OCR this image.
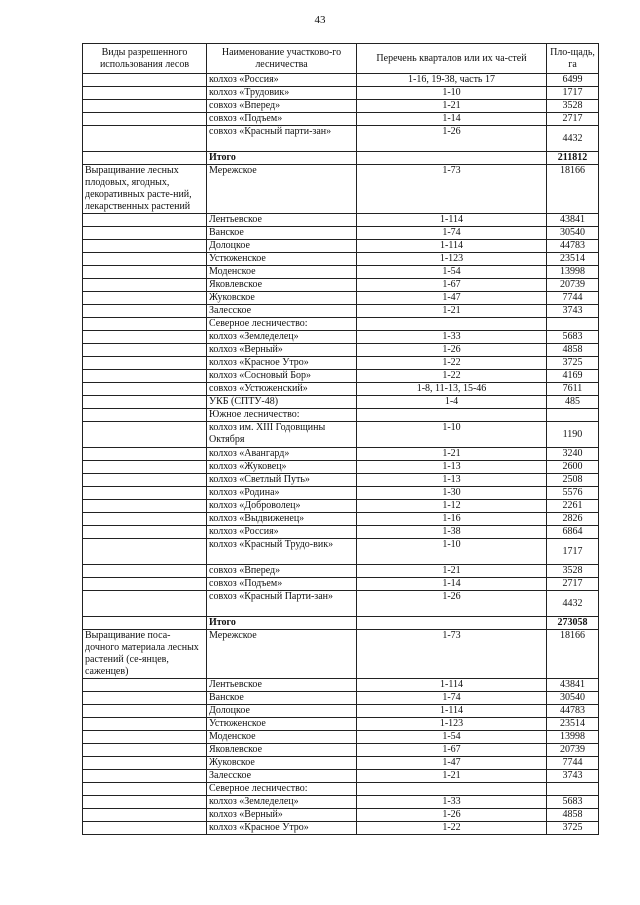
43
Виды разрешенного использования лесов	Наименование участково-го лесничества	Перечень кварталов или их ча-стей	Пло-щадь, га
	колхоз «Россия»	1-16, 19-38, часть 17	6499
	колхоз «Трудовик»	1-10	1717
	совхоз «Вперед»	1-21	3528
	совхоз «Подъем»	1-14	2717
	совхоз «Красный парти-зан»	1-26	4432
	Итого		211812
Выращивание лесных плодовых, ягодных, декоративных расте-ний, лекарственных растений	Мережское	1-73	18166
	Лентьевское	1-114	43841
	Ванское	1-74	30540
	Долоцкое	1-114	44783
	Устюженское	1-123	23514
	Моденское	1-54	13998
	Яковлевское	1-67	20739
	Жуковское	1-47	7744
	Залесское	1-21	3743
	Северное лесничество:		
	колхоз «Земледелец»	1-33	5683
	колхоз «Верный»	1-26	4858
	колхоз «Красное Утро»	1-22	3725
	колхоз «Сосновый Бор»	1-22	4169
	совхоз «Устюженский»	1-8, 11-13, 15-46	7611
	УКБ (СПТУ-48)	1-4	485
	Южное лесничество:		
	колхоз им. XIII Годовщины Октября	1-10	1190
	колхоз «Авангард»	1-21	3240
	колхоз «Жуковец»	1-13	2600
	колхоз «Светлый Путь»	1-13	2508
	колхоз «Родина»	1-30	5576
	колхоз «Доброволец»	1-12	2261
	колхоз «Выдвиженец»	1-16	2826
	колхоз «Россия»	1-38	6864
	колхоз «Красный Трудо-вик»	1-10	1717
	совхоз «Вперед»	1-21	3528
	совхоз «Подъем»	1-14	2717
	совхоз «Красный Парти-зан»	1-26	4432
	Итого		273058
Выращивание поса-дочного материала лесных растений (се-янцев, саженцев)	Мережское	1-73	18166
	Лентьевское	1-114	43841
	Ванское	1-74	30540
	Долоцкое	1-114	44783
	Устюженское	1-123	23514
	Моденское	1-54	13998
	Яковлевское	1-67	20739
	Жуковское	1-47	7744
	Залесское	1-21	3743
	Северное лесничество:		
	колхоз «Земледелец»	1-33	5683
	колхоз «Верный»	1-26	4858
	колхоз «Красное Утро»	1-22	3725
